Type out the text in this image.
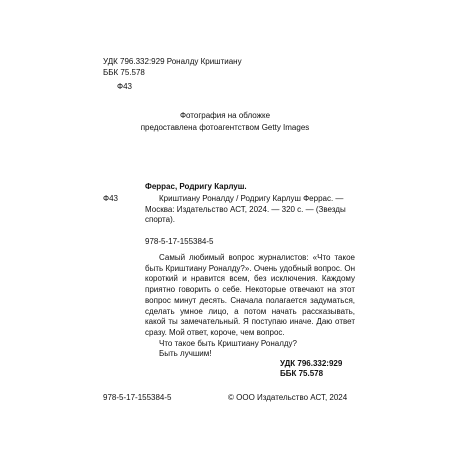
УДК 796.332:929 Роналду Криштиану
ББК 75.578
Ф43
Фотография на обложке
предоставлена фотоагентством Getty Images
Феррас, Родригу Карлуш.
Ф43	Криштиану Роналду / Родригу Карлуш Феррас. — Москва: Издательство АСТ, 2024. — 320 с. — (Звезды спорта).
978-5-17-155384-5
Самый любимый вопрос журналистов: «Что такое быть Криштиану Роналду?». Очень удобный вопрос. Он короткий и нравится всем, без исключения. Каждому приятно говорить о себе. Некоторые отвечают на этот вопрос минут десять. Сначала полагается задуматься, сделать умное лицо, а потом начать рассказывать, какой ты замечательный. Я поступаю иначе. Даю ответ сразу. Мой ответ, короче, чем вопрос.
Что такое быть Криштиану Роналду?
Быть лучшим!
УДК 796.332:929
ББК 75.578
978-5-17-155384-5	© ООО Издательство АСТ, 2024
